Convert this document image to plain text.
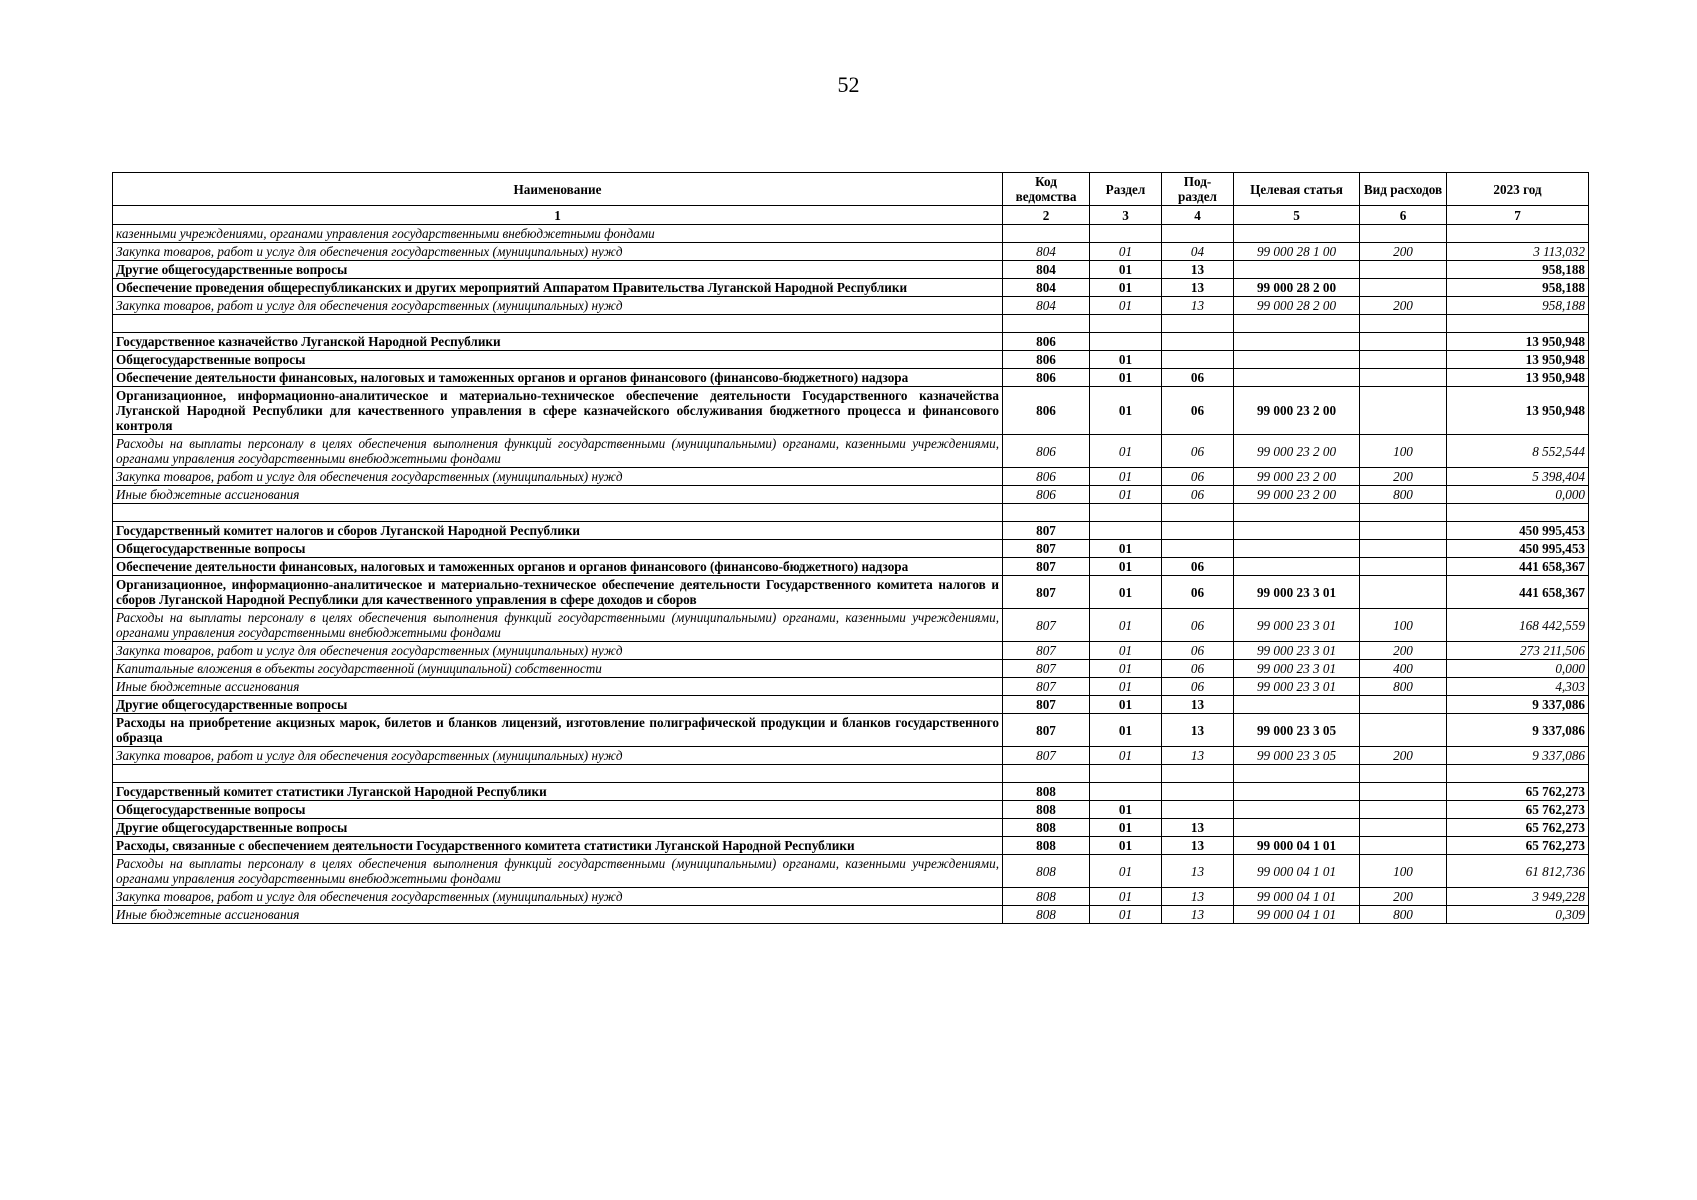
52
Наименование	Код ведомства	Раздел	Под-раздел	Целевая статья	Вид расходов	2023 год
1	2	3	4	5	6	7
казенными учреждениями, органами управления государственными внебюджетными фондами						
Закупка товаров, работ и услуг для обеспечения государственных (муниципальных) нужд	804	01	04	99 000 28 1 00	200	3 113,032
Другие общегосударственные вопросы	804	01	13			958,188
Обеспечение проведения общереспубликанских и других мероприятий Аппаратом Правительства Луганской Народной Республики	804	01	13	99 000 28 2 00		958,188
Закупка товаров, работ и услуг для обеспечения государственных (муниципальных) нужд	804	01	13	99 000 28 2 00	200	958,188

Государственное казначейство Луганской Народной Республики	806					13 950,948
Общегосударственные вопросы	806	01				13 950,948
Обеспечение деятельности финансовых, налоговых и таможенных органов и органов финансового (финансово-бюджетного) надзора	806	01	06			13 950,948
Организационное, информационно-аналитическое и материально-техническое обеспечение деятельности Государственного казначейства Луганской Народной Республики для качественного управления в сфере казначейского обслуживания бюджетного процесса и финансового контроля	806	01	06	99 000 23 2 00		13 950,948
Расходы на выплаты персоналу в целях обеспечения выполнения функций государственными (муниципальными) органами, казенными учреждениями, органами управления государственными внебюджетными фондами	806	01	06	99 000 23 2 00	100	8 552,544
Закупка товаров, работ и услуг для обеспечения государственных (муниципальных) нужд	806	01	06	99 000 23 2 00	200	5 398,404
Иные бюджетные ассигнования	806	01	06	99 000 23 2 00	800	0,000

Государственный комитет налогов и сборов Луганской Народной Республики	807					450 995,453
Общегосударственные вопросы	807	01				450 995,453
Обеспечение деятельности финансовых, налоговых и таможенных органов и органов финансового (финансово-бюджетного) надзора	807	01	06			441 658,367
Организационное, информационно-аналитическое и материально-техническое обеспечение деятельности Государственного комитета налогов и сборов Луганской Народной Республики для качественного управления в сфере доходов и сборов	807	01	06	99 000 23 3 01		441 658,367
Расходы на выплаты персоналу в целях обеспечения выполнения функций государственными (муниципальными) органами, казенными учреждениями, органами управления государственными внебюджетными фондами	807	01	06	99 000 23 3 01	100	168 442,559
Закупка товаров, работ и услуг для обеспечения государственных (муниципальных) нужд	807	01	06	99 000 23 3 01	200	273 211,506
Капитальные вложения в объекты государственной (муниципальной) собственности	807	01	06	99 000 23 3 01	400	0,000
Иные бюджетные ассигнования	807	01	06	99 000 23 3 01	800	4,303
Другие общегосударственные вопросы	807	01	13			9 337,086
Расходы на приобретение акцизных марок, билетов и бланков лицензий, изготовление полиграфической продукции и бланков государственного образца	807	01	13	99 000 23 3 05		9 337,086
Закупка товаров, работ и услуг для обеспечения государственных (муниципальных) нужд	807	01	13	99 000 23 3 05	200	9 337,086

Государственный комитет статистики Луганской Народной Республики	808					65 762,273
Общегосударственные вопросы	808	01				65 762,273
Другие общегосударственные вопросы	808	01	13			65 762,273
Расходы, связанные с обеспечением деятельности Государственного комитета статистики Луганской Народной Республики	808	01	13	99 000 04 1 01		65 762,273
Расходы на выплаты персоналу в целях обеспечения выполнения функций государственными (муниципальными) органами, казенными учреждениями, органами управления государственными внебюджетными фондами	808	01	13	99 000 04 1 01	100	61 812,736
Закупка товаров, работ и услуг для обеспечения государственных (муниципальных) нужд	808	01	13	99 000 04 1 01	200	3 949,228
Иные бюджетные ассигнования	808	01	13	99 000 04 1 01	800	0,309
